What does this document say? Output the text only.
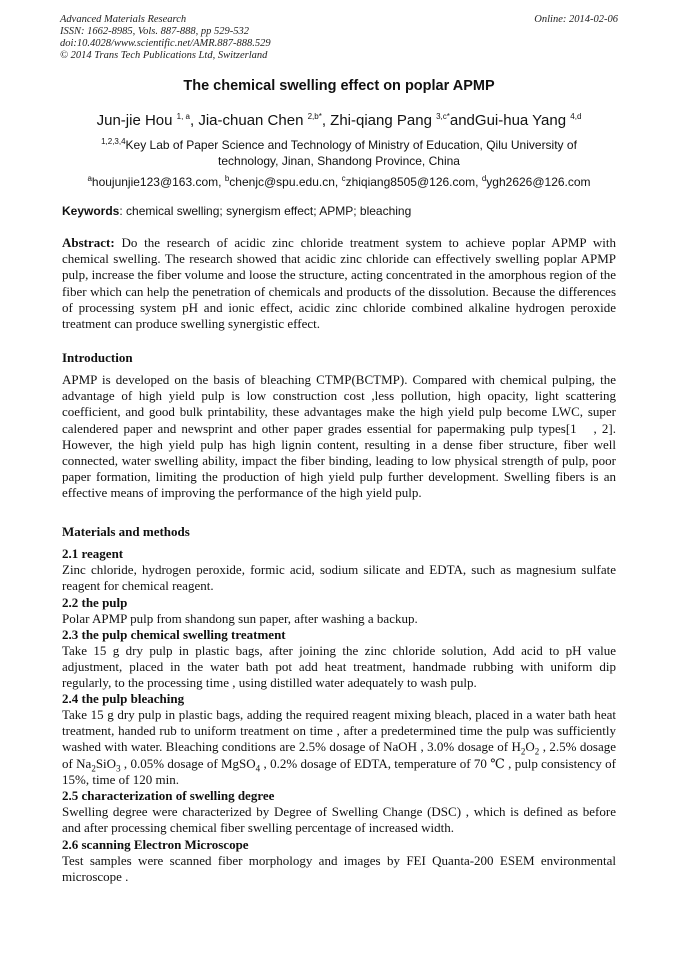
Advanced Materials Research
ISSN: 1662-8985, Vols. 887-888, pp 529-532
doi:10.4028/www.scientific.net/AMR.887-888.529
© 2014 Trans Tech Publications Ltd, Switzerland
Online: 2014-02-06
The chemical swelling effect on poplar APMP
Jun-jie Hou $^{1, a}$, Jia-chuan Chen $^{2,b*}$, Zhi-qiang Pang $^{3,c*}$andGui-hua Yang $^{4,d}$
$^{1,2,3,4}$Key Lab of Paper Science and Technology of Ministry of Education, Qilu University of technology, Jinan, Shandong Province, China
$^a$houjunjie123@163.com, $^b$chenjc@spu.edu.cn, $^c$zhiqiang8505@126.com, $^d$ygh2626@126.com
Keywords: chemical swelling; synergism effect; APMP; bleaching

Abstract: Do the research of acidic zinc chloride treatment system to achieve poplar APMP with chemical swelling. The research showed that acidic zinc chloride can effectively swelling poplar APMP pulp, increase the fiber volume and loose the structure, acting concentrated in the amorphous region of the fiber which can help the penetration of chemicals and products of the dissolution. Because the differences of processing system pH and ionic effect, acidic zinc chloride combined alkaline hydrogen peroxide treatment can produce swelling synergistic effect.

Introduction

APMP is developed on the basis of bleaching CTMP(BCTMP). Compared with chemical pulping, the advantage of high yield pulp is low construction cost ,less pollution, high opacity, light scattering coefficient, and good bulk printability, these advantages make the high yield pulp become LWC, super calendered paper and newsprint and other paper grades essential for papermaking pulp types[1　, 2]. However, the high yield pulp has high lignin content, resulting in a dense fiber structure, fiber well connected, water swelling ability, impact the fiber binding, leading to low physical strength of pulp, poor paper formation, limiting the production of high yield pulp further development. Swelling fibers is an effective means of improving the performance of the high yield pulp.

Materials and methods
2.1 reagent

Zinc chloride, hydrogen peroxide, formic acid, sodium silicate and EDTA, such as magnesium sulfate reagent for chemical reagent.

2.2 the pulp

Polar APMP pulp from shandong sun paper, after washing a backup.

2.3 the pulp chemical swelling treatment

Take 15 g dry pulp in plastic bags, after joining the zinc chloride solution, Add acid to pH value adjustment, placed in the water bath pot add heat treatment, handmade rubbing with uniform dip regularly, to the processing time , using distilled water adequately to wash pulp.

2.4 the pulp bleaching

Take 15 g dry pulp in plastic bags, adding the required reagent mixing bleach, placed in a water bath heat treatment, handed rub to uniform treatment on time , after a predetermined time the pulp was sufficiently washed with water. Bleaching conditions are 2.5% dosage of NaOH , 3.0% dosage of $H_2O_2$ , 2.5% dosage of $Na_2SiO_3$ , 0.05% dosage of MgSO$_4$ , 0.2% dosage of EDTA, temperature of 70 ℃ , pulp consistency of 15%, time of 120 min.

2.5 characterization of swelling degree

Swelling degree were characterized by Degree of Swelling Change (DSC) , which is defined as before and after processing chemical fiber swelling percentage of increased width.

2.6 scanning Electron Microscope

Test samples were scanned fiber morphology and images by FEI Quanta-200 ESEM environmental microscope .
